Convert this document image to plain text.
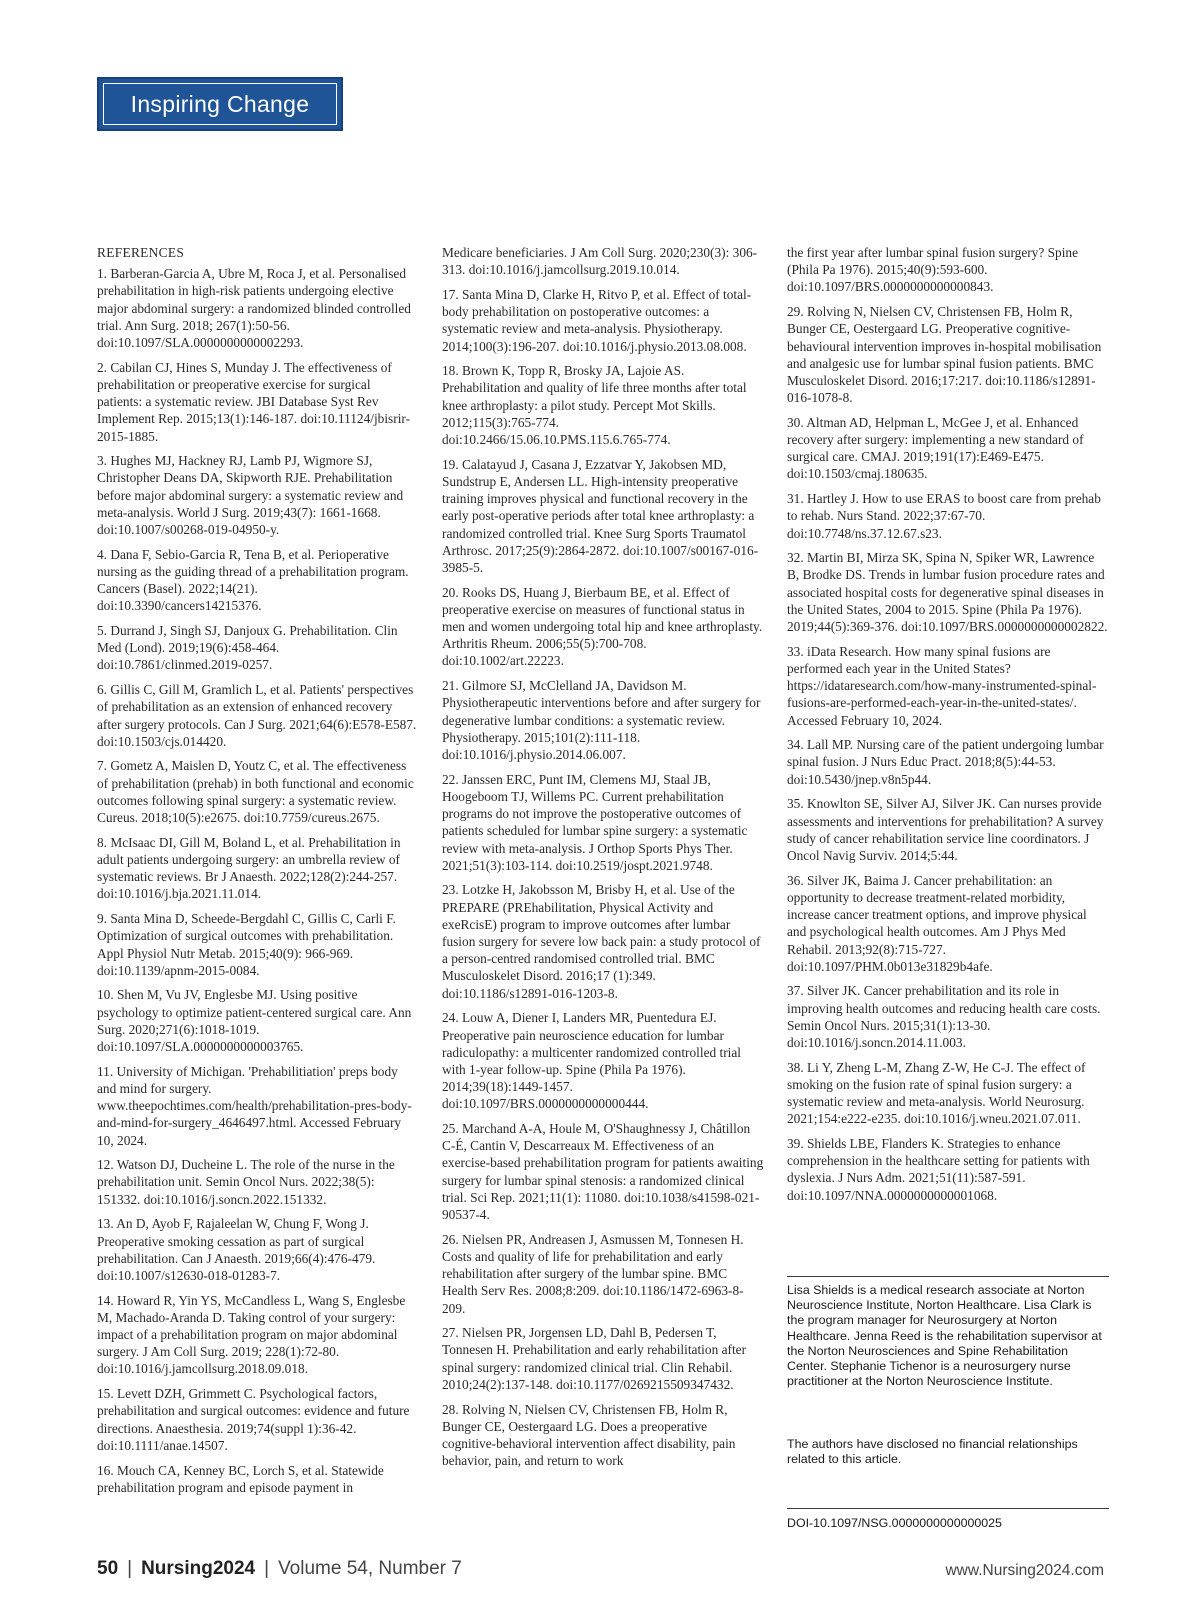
Inspiring Change
REFERENCES
1. Barberan-Garcia A, Ubre M, Roca J, et al. Personalised prehabilitation in high-risk patients undergoing elective major abdominal surgery: a randomized blinded controlled trial. Ann Surg. 2018; 267(1):50-56. doi:10.1097/SLA.0000000000002293.
2. Cabilan CJ, Hines S, Munday J. The effectiveness of prehabilitation or preoperative exercise for surgical patients: a systematic review. JBI Database Syst Rev Implement Rep. 2015;13(1):146-187. doi:10.11124/jbisrir-2015-1885.
3. Hughes MJ, Hackney RJ, Lamb PJ, Wigmore SJ, Christopher Deans DA, Skipworth RJE. Prehabilitation before major abdominal surgery: a systematic review and meta-analysis. World J Surg. 2019;43(7): 1661-1668. doi:10.1007/s00268-019-04950-y.
4. Dana F, Sebio-Garcia R, Tena B, et al. Perioperative nursing as the guiding thread of a prehabilitation program. Cancers (Basel). 2022;14(21). doi:10.3390/cancers14215376.
5. Durrand J, Singh SJ, Danjoux G. Prehabilitation. Clin Med (Lond). 2019;19(6):458-464. doi:10.7861/clinmed.2019-0257.
6. Gillis C, Gill M, Gramlich L, et al. Patients' perspectives of prehabilitation as an extension of enhanced recovery after surgery protocols. Can J Surg. 2021;64(6):E578-E587. doi:10.1503/cjs.014420.
7. Gometz A, Maislen D, Youtz C, et al. The effectiveness of prehabilitation (prehab) in both functional and economic outcomes following spinal surgery: a systematic review. Cureus. 2018;10(5):e2675. doi:10.7759/cureus.2675.
8. McIsaac DI, Gill M, Boland L, et al. Prehabilitation in adult patients undergoing surgery: an umbrella review of systematic reviews. Br J Anaesth. 2022;128(2):244-257. doi:10.1016/j.bja.2021.11.014.
9. Santa Mina D, Scheede-Bergdahl C, Gillis C, Carli F. Optimization of surgical outcomes with prehabilitation. Appl Physiol Nutr Metab. 2015;40(9): 966-969. doi:10.1139/apnm-2015-0084.
10. Shen M, Vu JV, Englesbe MJ. Using positive psychology to optimize patient-centered surgical care. Ann Surg. 2020;271(6):1018-1019. doi:10.1097/SLA.0000000000003765.
11. University of Michigan. 'Prehabilitiation' preps body and mind for surgery. www.theepochtimes.com/health/prehabilitation-pres-body-and-mind-for-surgery_4646497.html. Accessed February 10, 2024.
12. Watson DJ, Ducheine L. The role of the nurse in the prehabilitation unit. Semin Oncol Nurs. 2022;38(5): 151332. doi:10.1016/j.soncn.2022.151332.
13. An D, Ayob F, Rajaleelan W, Chung F, Wong J. Preoperative smoking cessation as part of surgical prehabilitation. Can J Anaesth. 2019;66(4):476-479. doi:10.1007/s12630-018-01283-7.
14. Howard R, Yin YS, McCandless L, Wang S, Englesbe M, Machado-Aranda D. Taking control of your surgery: impact of a prehabilitation program on major abdominal surgery. J Am Coll Surg. 2019; 228(1):72-80. doi:10.1016/j.jamcollsurg.2018.09.018.
15. Levett DZH, Grimmett C. Psychological factors, prehabilitation and surgical outcomes: evidence and future directions. Anaesthesia. 2019;74(suppl 1):36-42. doi:10.1111/anae.14507.
16. Mouch CA, Kenney BC, Lorch S, et al. Statewide prehabilitation program and episode payment in
Medicare beneficiaries. J Am Coll Surg. 2020;230(3): 306-313. doi:10.1016/j.jamcollsurg.2019.10.014.
17. Santa Mina D, Clarke H, Ritvo P, et al. Effect of total-body prehabilitation on postoperative outcomes: a systematic review and meta-analysis. Physiotherapy. 2014;100(3):196-207. doi:10.1016/j.physio.2013.08.008.
18. Brown K, Topp R, Brosky JA, Lajoie AS. Prehabilitation and quality of life three months after total knee arthroplasty: a pilot study. Percept Mot Skills. 2012;115(3):765-774. doi:10.2466/15.06.10.PMS.115.6.765-774.
19. Calatayud J, Casana J, Ezzatvar Y, Jakobsen MD, Sundstrup E, Andersen LL. High-intensity preoperative training improves physical and functional recovery in the early post-operative periods after total knee arthroplasty: a randomized controlled trial. Knee Surg Sports Traumatol Arthrosc. 2017;25(9):2864-2872. doi:10.1007/s00167-016-3985-5.
20. Rooks DS, Huang J, Bierbaum BE, et al. Effect of preoperative exercise on measures of functional status in men and women undergoing total hip and knee arthroplasty. Arthritis Rheum. 2006;55(5):700-708. doi:10.1002/art.22223.
21. Gilmore SJ, McClelland JA, Davidson M. Physiotherapeutic interventions before and after surgery for degenerative lumbar conditions: a systematic review. Physiotherapy. 2015;101(2):111-118. doi:10.1016/j.physio.2014.06.007.
22. Janssen ERC, Punt IM, Clemens MJ, Staal JB, Hoogeboom TJ, Willems PC. Current prehabilitation programs do not improve the postoperative outcomes of patients scheduled for lumbar spine surgery: a systematic review with meta-analysis. J Orthop Sports Phys Ther. 2021;51(3):103-114. doi:10.2519/jospt.2021.9748.
23. Lotzke H, Jakobsson M, Brisby H, et al. Use of the PREPARE (PREhabilitation, Physical Activity and exeRcisE) program to improve outcomes after lumbar fusion surgery for severe low back pain: a study protocol of a person-centred randomised controlled trial. BMC Musculoskelet Disord. 2016;17 (1):349. doi:10.1186/s12891-016-1203-8.
24. Louw A, Diener I, Landers MR, Puentedura EJ. Preoperative pain neuroscience education for lumbar radiculopathy: a multicenter randomized controlled trial with 1-year follow-up. Spine (Phila Pa 1976). 2014;39(18):1449-1457. doi:10.1097/BRS.0000000000000444.
25. Marchand A-A, Houle M, O'Shaughnessy J, Châtillon C-É, Cantin V, Descarreaux M. Effectiveness of an exercise-based prehabilitation program for patients awaiting surgery for lumbar spinal stenosis: a randomized clinical trial. Sci Rep. 2021;11(1): 11080. doi:10.1038/s41598-021-90537-4.
26. Nielsen PR, Andreasen J, Asmussen M, Tonnesen H. Costs and quality of life for prehabilitation and early rehabilitation after surgery of the lumbar spine. BMC Health Serv Res. 2008;8:209. doi:10.1186/1472-6963-8-209.
27. Nielsen PR, Jorgensen LD, Dahl B, Pedersen T, Tonnesen H. Prehabilitation and early rehabilitation after spinal surgery: randomized clinical trial. Clin Rehabil. 2010;24(2):137-148. doi:10.1177/0269215509347432.
28. Rolving N, Nielsen CV, Christensen FB, Holm R, Bunger CE, Oestergaard LG. Does a preoperative cognitive-behavioral intervention affect disability, pain behavior, pain, and return to work
the first year after lumbar spinal fusion surgery? Spine (Phila Pa 1976). 2015;40(9):593-600. doi:10.1097/BRS.0000000000000843.
29. Rolving N, Nielsen CV, Christensen FB, Holm R, Bunger CE, Oestergaard LG. Preoperative cognitive-behavioural intervention improves in-hospital mobilisation and analgesic use for lumbar spinal fusion patients. BMC Musculoskelet Disord. 2016;17:217. doi:10.1186/s12891-016-1078-8.
30. Altman AD, Helpman L, McGee J, et al. Enhanced recovery after surgery: implementing a new standard of surgical care. CMAJ. 2019;191(17):E469-E475. doi:10.1503/cmaj.180635.
31. Hartley J. How to use ERAS to boost care from prehab to rehab. Nurs Stand. 2022;37:67-70. doi:10.7748/ns.37.12.67.s23.
32. Martin BI, Mirza SK, Spina N, Spiker WR, Lawrence B, Brodke DS. Trends in lumbar fusion procedure rates and associated hospital costs for degenerative spinal diseases in the United States, 2004 to 2015. Spine (Phila Pa 1976). 2019;44(5):369-376. doi:10.1097/BRS.0000000000002822.
33. iData Research. How many spinal fusions are performed each year in the United States? https://idataresearch.com/how-many-instrumented-spinal-fusions-are-performed-each-year-in-the-united-states/. Accessed February 10, 2024.
34. Lall MP. Nursing care of the patient undergoing lumbar spinal fusion. J Nurs Educ Pract. 2018;8(5):44-53. doi:10.5430/jnep.v8n5p44.
35. Knowlton SE, Silver AJ, Silver JK. Can nurses provide assessments and interventions for prehabilitation? A survey study of cancer rehabilitation service line coordinators. J Oncol Navig Surviv. 2014;5:44.
36. Silver JK, Baima J. Cancer prehabilitation: an opportunity to decrease treatment-related morbidity, increase cancer treatment options, and improve physical and psychological health outcomes. Am J Phys Med Rehabil. 2013;92(8):715-727. doi:10.1097/PHM.0b013e31829b4afe.
37. Silver JK. Cancer prehabilitation and its role in improving health outcomes and reducing health care costs. Semin Oncol Nurs. 2015;31(1):13-30. doi:10.1016/j.soncn.2014.11.003.
38. Li Y, Zheng L-M, Zhang Z-W, He C-J. The effect of smoking on the fusion rate of spinal fusion surgery: a systematic review and meta-analysis. World Neurosurg. 2021;154:e222-e235. doi:10.1016/j.wneu.2021.07.011.
39. Shields LBE, Flanders K. Strategies to enhance comprehension in the healthcare setting for patients with dyslexia. J Nurs Adm. 2021;51(11):587-591. doi:10.1097/NNA.0000000000001068.
Lisa Shields is a medical research associate at Norton Neuroscience Institute, Norton Healthcare. Lisa Clark is the program manager for Neurosurgery at Norton Healthcare. Jenna Reed is the rehabilitation supervisor at the Norton Neurosciences and Spine Rehabilitation Center. Stephanie Tichenor is a neurosurgery nurse practitioner at the Norton Neuroscience Institute.
The authors have disclosed no financial relationships related to this article.
DOI-10.1097/NSG.0000000000000025
50 | Nursing2024 | Volume 54, Number 7	www.Nursing2024.com
